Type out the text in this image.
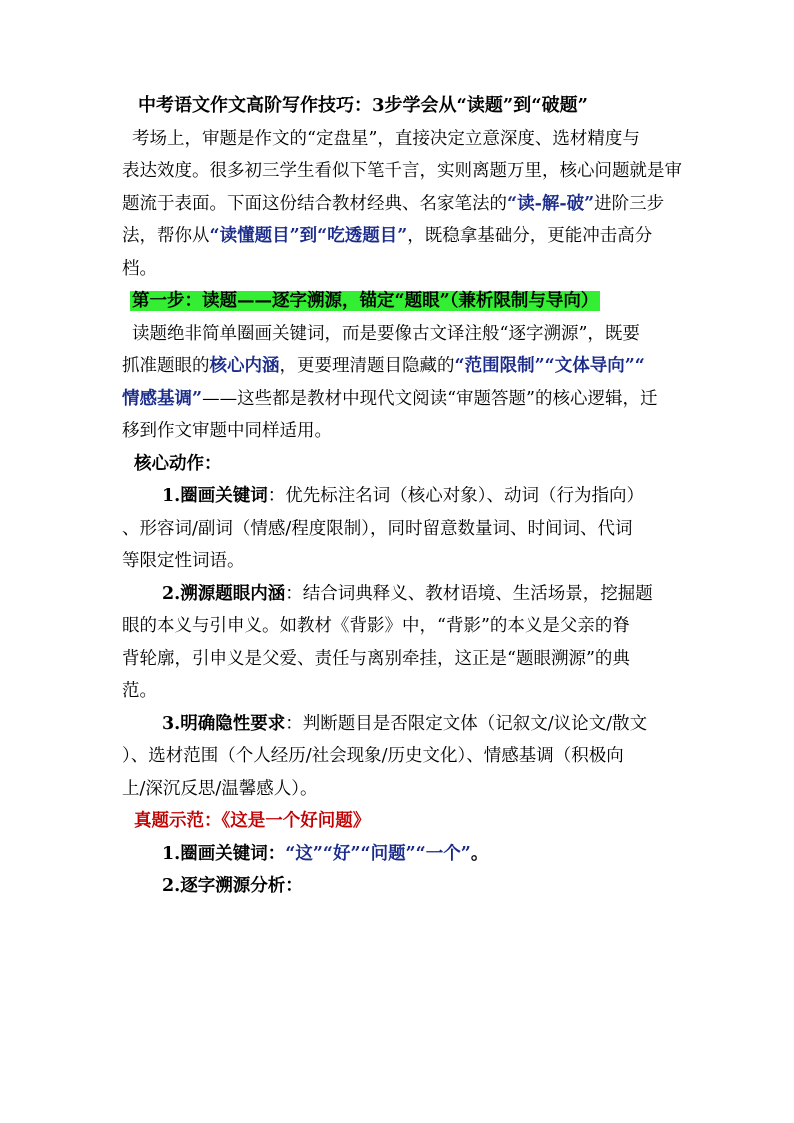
中考语文作文高阶写作技巧：3步学会从“读题”到“破题”
考场上，审题是作文的“定盘星”，直接决定立意深度、选材精度与
表达效度。很多初三学生看似下笔千言，实则离题万里，核心问题就是审
题流于表面。下面这份结合教材经典、名家笔法的“读-解-破”进阶三步
法，帮你从“读懂题目”到“吃透题目”，既稳拿基础分，更能冲击高分
档。
第一步：读题——逐字溯源，锚定“题眼”（兼析限制与导向）
读题绝非简单圈画关键词，而是要像古文译注般“逐字溯源”，既要
抓准题眼的核心内涵，更要理清题目隐藏的“范围限制”“文体导向”“
情感基调”——这些都是教材中现代文阅读“审题答题”的核心逻辑，迁
移到作文审题中同样适用。
核心动作：
1.圈画关键词：优先标注名词（核心对象）、动词（行为指向）
、形容词/副词（情感/程度限制），同时留意数量词、时间词、代词
等限定性词语。
2.溯源题眼内涵：结合词典释义、教材语境、生活场景，挖掘题
眼的本义与引申义。如教材《背影》中，“背影”的本义是父亲的脊
背轮廓，引申义是父爱、责任与离别牵挂，这正是“题眼溯源”的典
范。
3.明确隐性要求：判断题目是否限定文体（记叙文/议论文/散文
）、选材范围（个人经历/社会现象/历史文化）、情感基调（积极向
上/深沉反思/温馨感人）。
真题示范：《这是一个好问题》
1.圈画关键词：“这”“好”“问题”“一个”。
2.逐字溯源分析：
